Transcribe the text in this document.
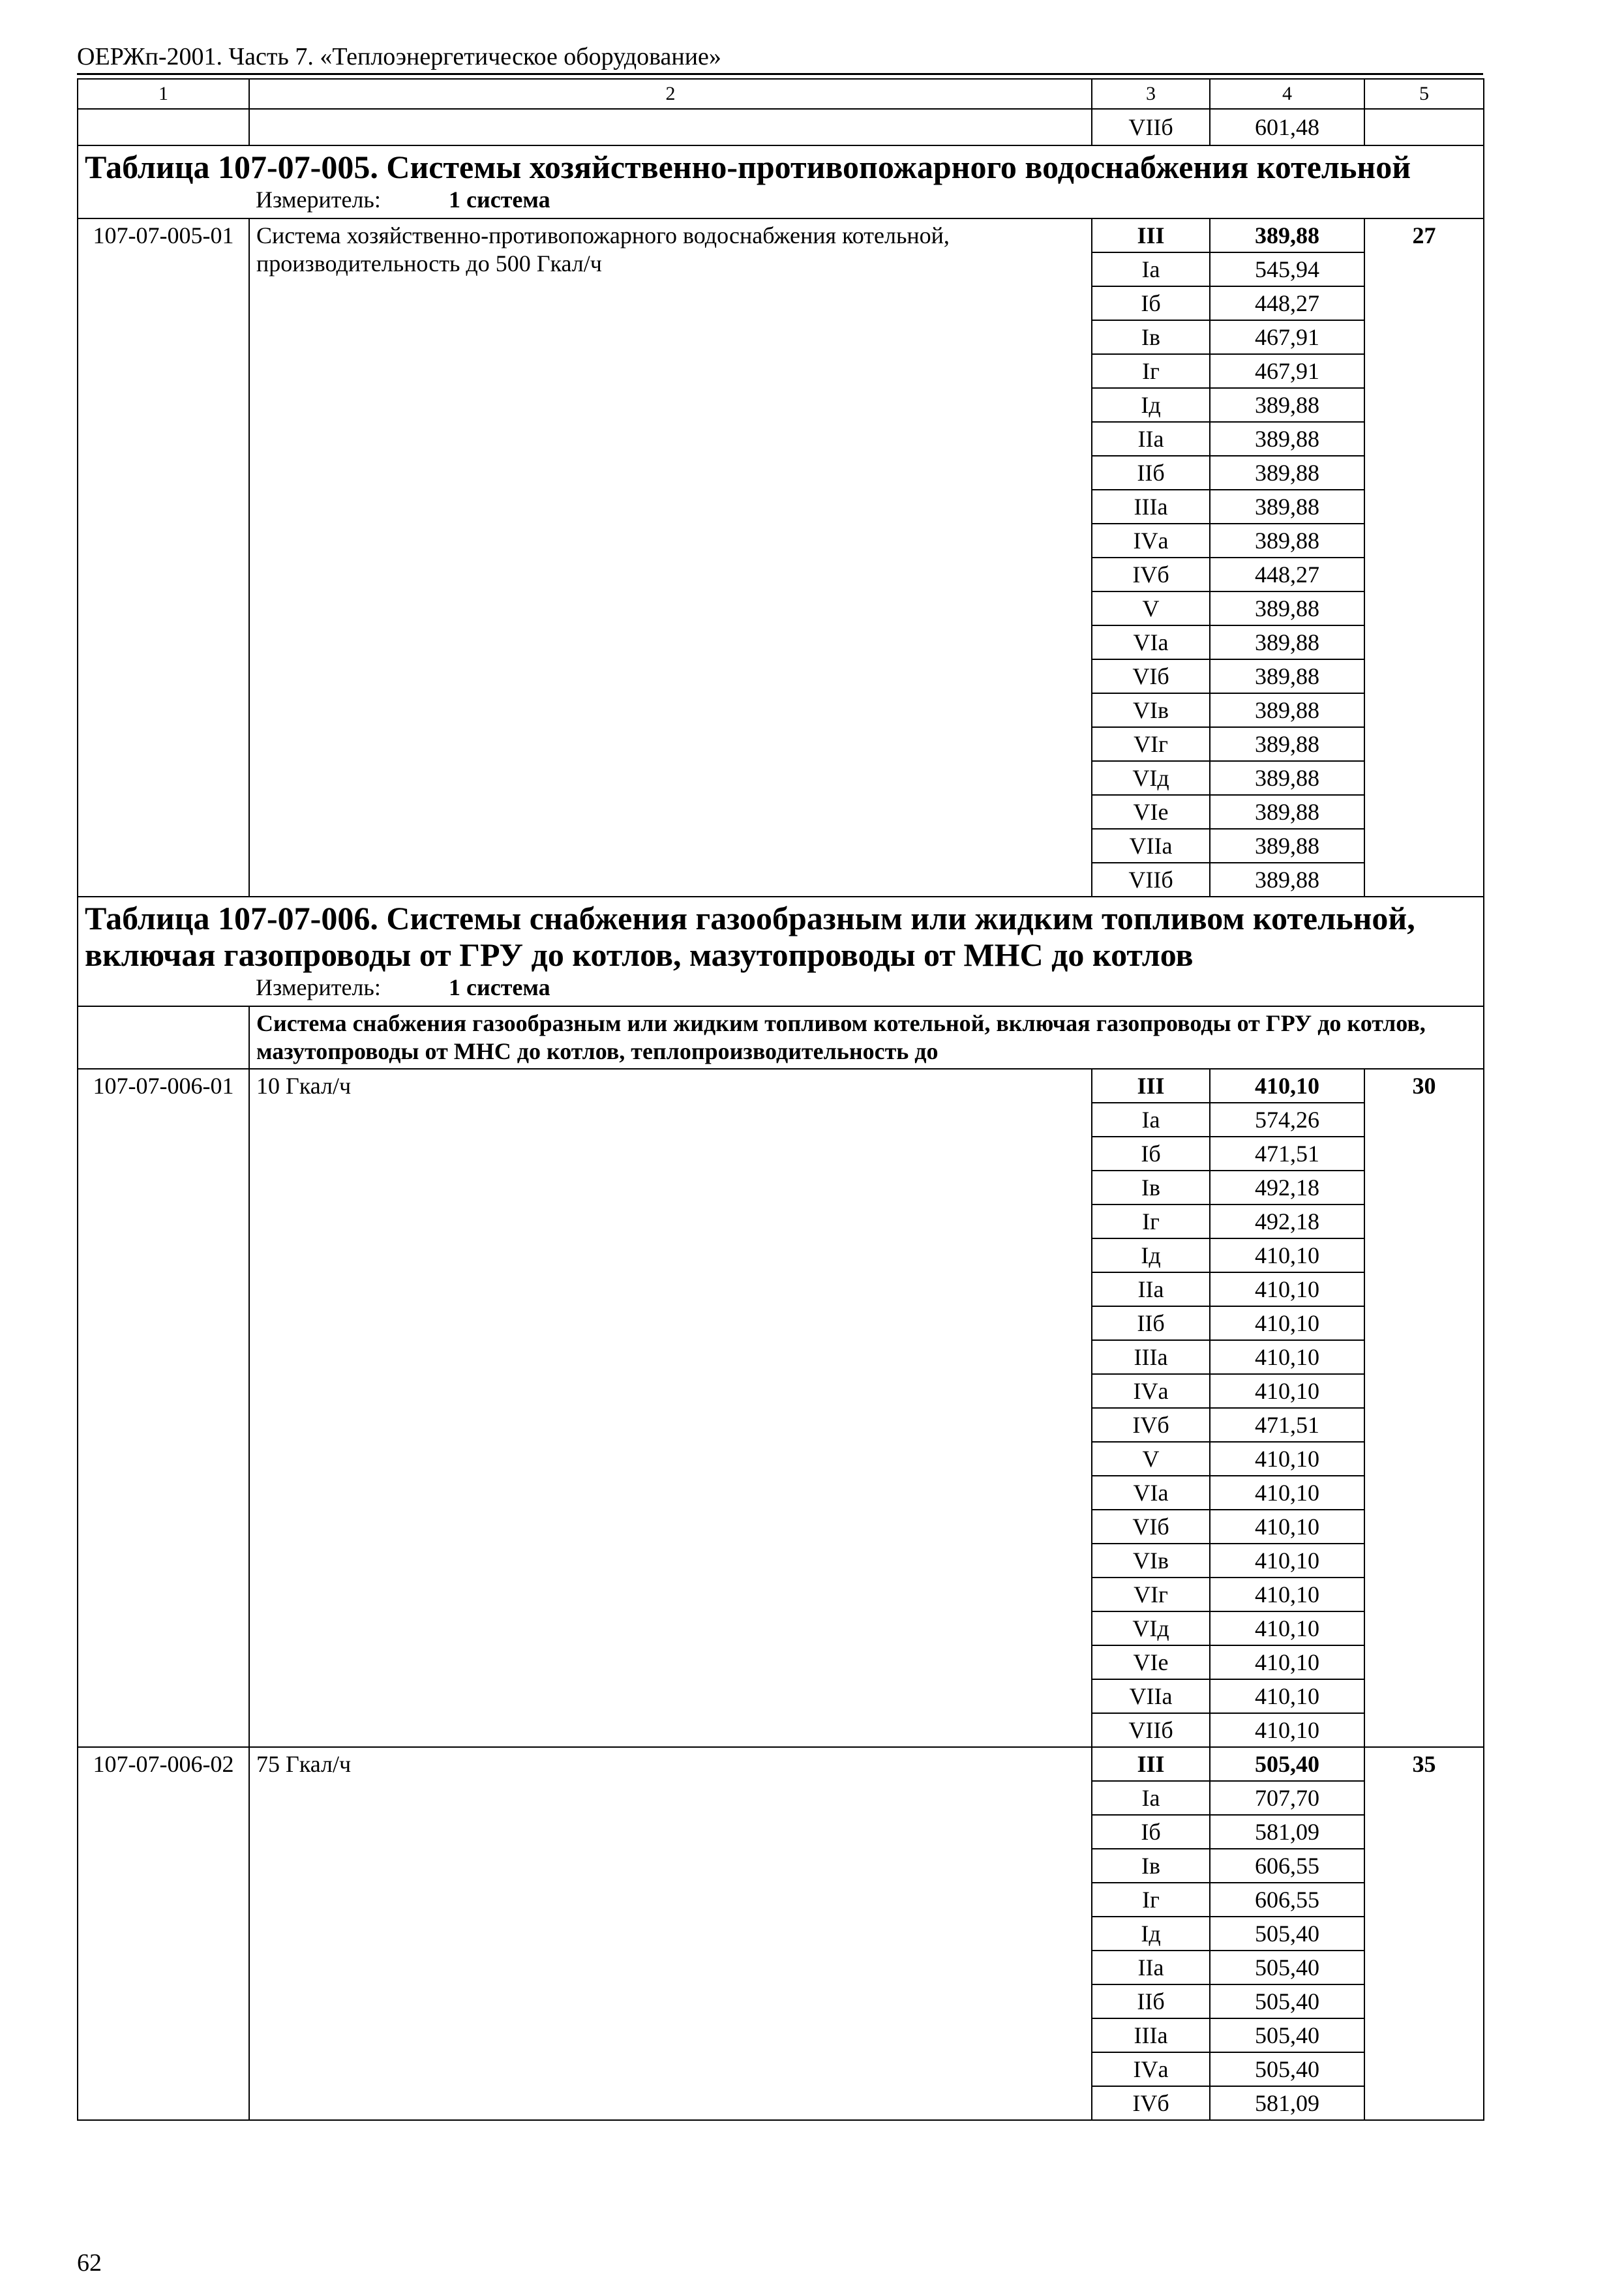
ОЕРЖп-2001. Часть 7. «Теплоэнергетическое оборудование»
1	2	3	4	5
		VIIб	601,48	

Таблица 107-07-005. Системы хозяйственно-противопожарного водоснабжения котельной
Измеритель: 1 система				

107-07-005-01	Система хозяйственно-противопожарного водоснабжения котельной, производительность до 500 Гкал/ч	III	389,88	27
		Iа	545,94	
		Iб	448,27	
		Iв	467,91	
		Iг	467,91	
		Iд	389,88	
		IIа	389,88	
		IIб	389,88	
		IIIа	389,88	
		IVа	389,88	
		IVб	448,27	
		V	389,88	
		VIа	389,88	
		VIб	389,88	
		VIв	389,88	
		VIг	389,88	
		VIд	389,88	
		VIе	389,88	
		VIIа	389,88	
		VIIб	389,88	

Таблица 107-07-006. Системы снабжения газообразным или жидким топливом котельной, включая газопроводы от ГРУ до котлов, мазутопроводы от МНС до котлов
Измеритель: 1 система				

	Система снабжения газообразным или жидким топливом котельной, включая газопроводы от ГРУ до котлов, мазутопроводы от МНС до котлов, теплопроизводительность до			
107-07-006-01	10 Гкал/ч	III	410,10	30
		Iа	574,26	
		Iб	471,51	
		Iв	492,18	
		Iг	492,18	
		Iд	410,10	
		IIа	410,10	
		IIб	410,10	
		IIIа	410,10	
		IVа	410,10	
		IVб	471,51	
		V	410,10	
		VIа	410,10	
		VIб	410,10	
		VIв	410,10	
		VIг	410,10	
		VIд	410,10	
		VIе	410,10	
		VIIа	410,10	
		VIIб	410,10	
107-07-006-02	75 Гкал/ч	III	505,40	35
		Iа	707,70	
		Iб	581,09	
		Iв	606,55	
		Iг	606,55	
		Iд	505,40	
		IIа	505,40	
		IIб	505,40	
		IIIа	505,40	
		IVа	505,40	
		IVб	581,09	
62
